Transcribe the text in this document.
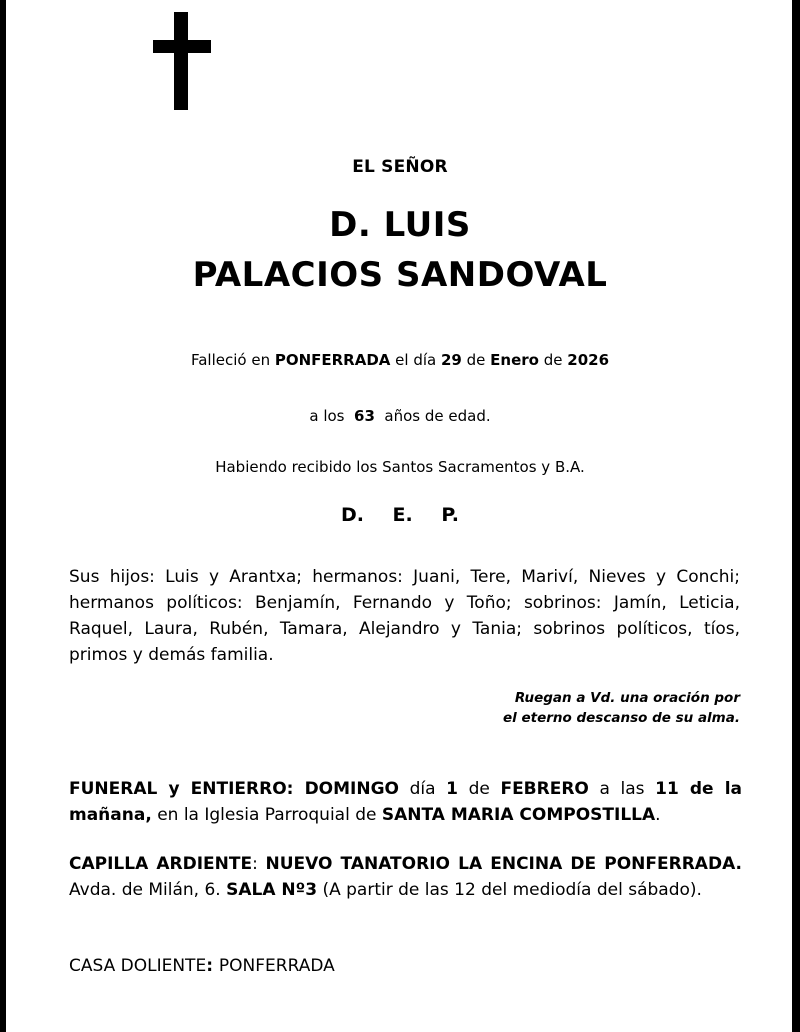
EL SEÑOR
D. LUIS
PALACIOS SANDOVAL
Falleció en PONFERRADA el día 29 de Enero de 2026
a los  63  años de edad.
Habiendo recibido los Santos Sacramentos y B.A.
D. E. P.
Sus hijos: Luis y Arantxa; hermanos: Juani, Tere, Mariví, Nieves y Conchi; hermanos políticos: Benjamín, Fernando y Toño; sobrinos: Jamín, Leticia, Raquel, Laura, Rubén, Tamara, Alejandro y Tania; sobrinos políticos, tíos, primos y demás familia.
Ruegan a Vd. una oración por
el eterno descanso de su alma.
FUNERAL y ENTIERRO: DOMINGO día 1 de FEBRERO a las 11 de la mañana, en la Iglesia Parroquial de SANTA MARIA COMPOSTILLA.
CAPILLA ARDIENTE: NUEVO TANATORIO LA ENCINA DE PONFERRADA. Avda. de Milán, 6. SALA Nº3 (A partir de las 12 del mediodía del sábado).
CASA DOLIENTE: PONFERRADA
